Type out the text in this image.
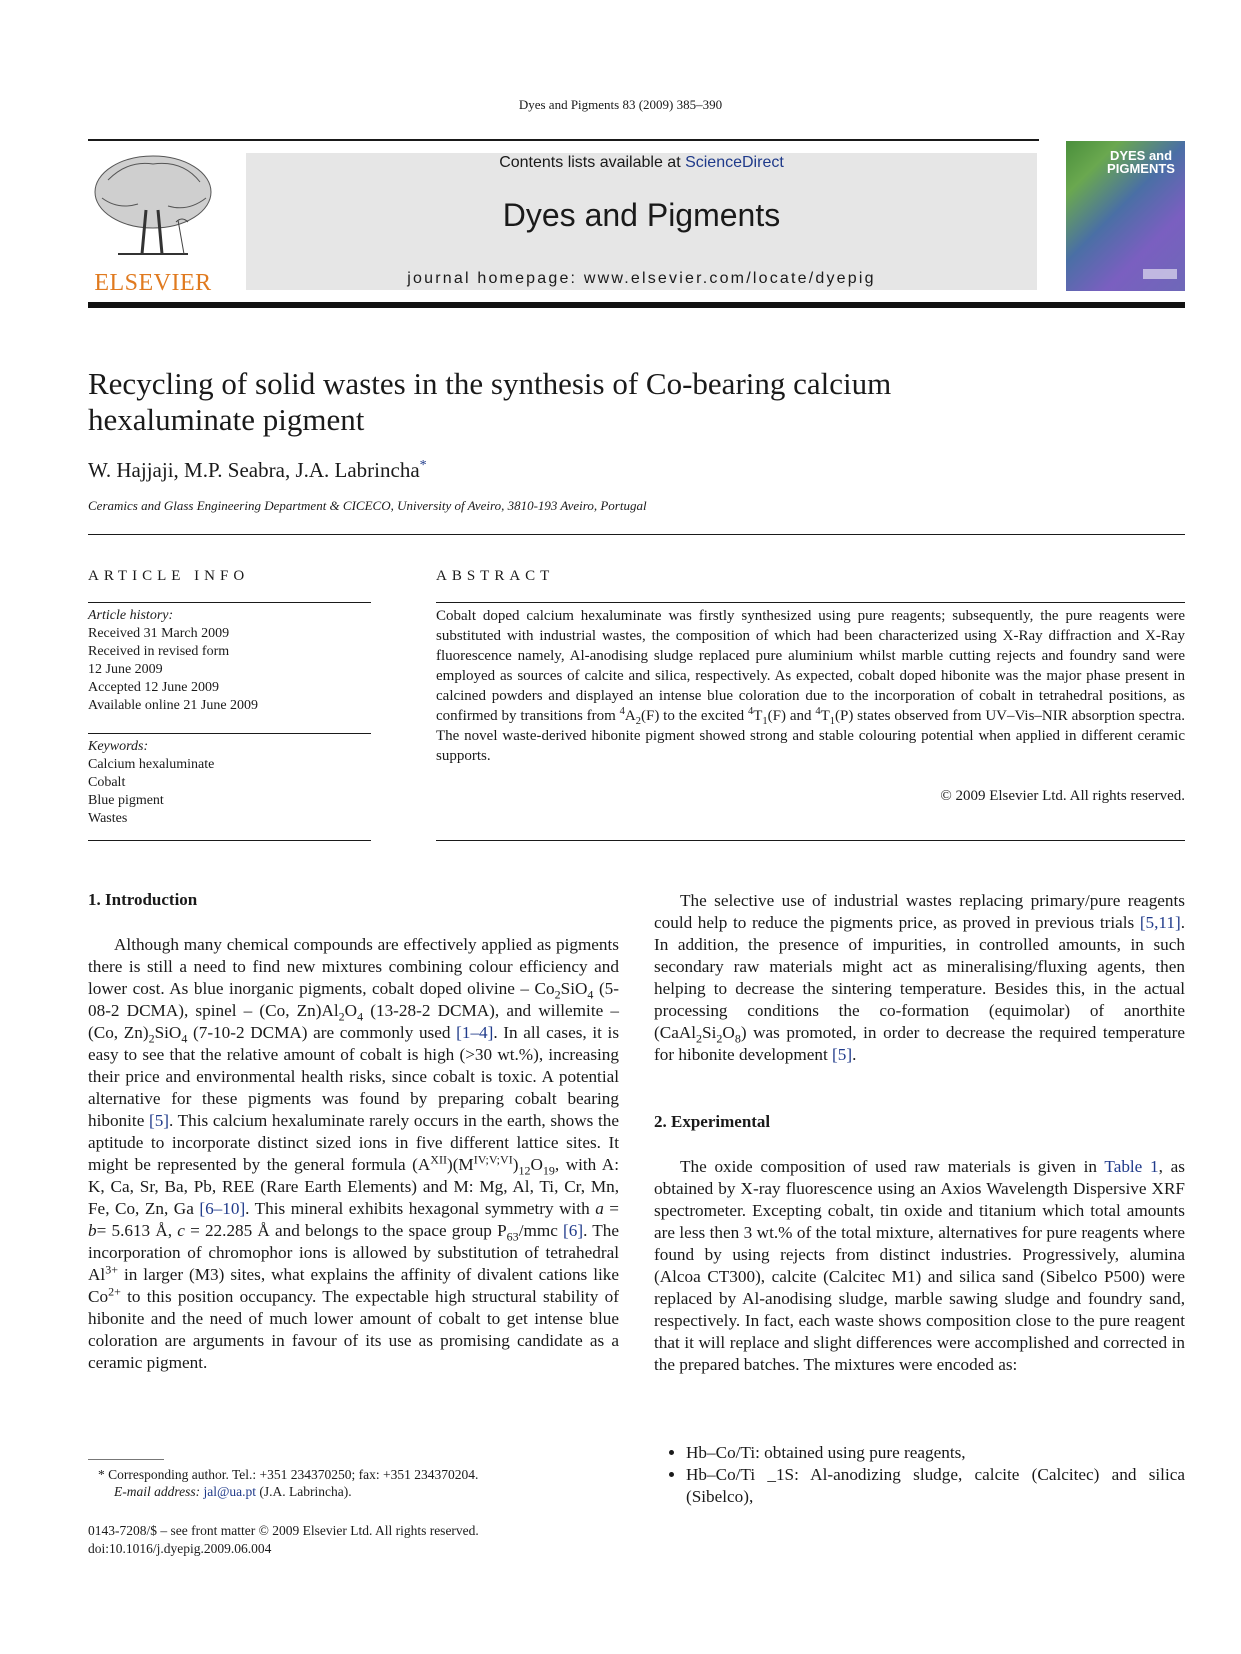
Dyes and Pigments 83 (2009) 385–390
ELSEVIER
Contents lists available at ScienceDirect
Dyes and Pigments
journal homepage: www.elsevier.com/locate/dyepig
DYES and PIGMENTS
Recycling of solid wastes in the synthesis of Co-bearing calcium hexaluminate pigment
W. Hajjaji, M.P. Seabra, J.A. Labrincha*
Ceramics and Glass Engineering Department & CICECO, University of Aveiro, 3810-193 Aveiro, Portugal
ARTICLE INFO
Article history:
Received 31 March 2009
Received in revised form
12 June 2009
Accepted 12 June 2009
Available online 21 June 2009
Keywords:
Calcium hexaluminate
Cobalt
Blue pigment
Wastes
ABSTRACT
Cobalt doped calcium hexaluminate was firstly synthesized using pure reagents; subsequently, the pure reagents were substituted with industrial wastes, the composition of which had been characterized using X-Ray diffraction and X-Ray fluorescence namely, Al-anodising sludge replaced pure aluminium whilst marble cutting rejects and foundry sand were employed as sources of calcite and silica, respectively. As expected, cobalt doped hibonite was the major phase present in calcined powders and displayed an intense blue coloration due to the incorporation of cobalt in tetrahedral positions, as confirmed by transitions from $^4A_2(F)$ to the excited $^4T_1(F)$ and $^4T_1(P)$ states observed from UV–Vis–NIR absorption spectra. The novel waste-derived hibonite pigment showed strong and stable colouring potential when applied in different ceramic supports.
© 2009 Elsevier Ltd. All rights reserved.
1. Introduction
Although many chemical compounds are effectively applied as pigments there is still a need to find new mixtures combining colour efficiency and lower cost. As blue inorganic pigments, cobalt doped olivine – $Co_2SiO_4$ (5-08-2 DCMA), spinel – (Co, $Zn)Al_2O_4$ (13-28-2 DCMA), and willemite – (Co, $Zn)_2SiO_4$ (7-10-2 DCMA) are commonly used [1–4]. In all cases, it is easy to see that the relative amount of cobalt is high (>30 wt.%), increasing their price and environmental health risks, since cobalt is toxic. A potential alternative for these pigments was found by preparing cobalt bearing hibonite [5]. This calcium hexaluminate rarely occurs in the earth, shows the aptitude to incorporate distinct sized ions in five different lattice sites. It might be represented by the general formula $(A^{XII})(M^{IV;V;VI})_{12}O_{19}$, with A: K, Ca, Sr, Ba, Pb, REE (Rare Earth Elements) and M: Mg, Al, Ti, Cr, Mn, Fe, Co, Zn, Ga [6–10]. This mineral exhibits hexagonal symmetry with a = b= 5.613 Å, c = 22.285 Å and belongs to the space group $P_{63}$/mmc [6]. The incorporation of chromophor ions is allowed by substitution of tetrahedral $Al^{3+}$ in larger (M3) sites, what explains the affinity of divalent cations like $Co^{2+}$ to this position occupancy. The expectable high structural stability of hibonite and the need of much lower amount of cobalt to get intense blue coloration are arguments in favour of its use as promising candidate as a ceramic pigment.
* Corresponding author. Tel.: +351 234370250; fax: +351 234370204.
E-mail address: jal@ua.pt (J.A. Labrincha).
0143-7208/$ – see front matter © 2009 Elsevier Ltd. All rights reserved.
doi:10.1016/j.dyepig.2009.06.004
The selective use of industrial wastes replacing primary/pure reagents could help to reduce the pigments price, as proved in previous trials [5,11]. In addition, the presence of impurities, in controlled amounts, in such secondary raw materials might act as mineralising/fluxing agents, then helping to decrease the sintering temperature. Besides this, in the actual processing conditions the co-formation (equimolar) of anorthite $(CaAl_2Si_2O_8)$ was promoted, in order to decrease the required temperature for hibonite development [5].
2. Experimental
The oxide composition of used raw materials is given in Table 1, as obtained by X-ray fluorescence using an Axios Wavelength Dispersive XRF spectrometer. Excepting cobalt, tin oxide and titanium which total amounts are less then 3 wt.% of the total mixture, alternatives for pure reagents where found by using rejects from distinct industries. Progressively, alumina (Alcoa CT300), calcite (Calcitec M1) and silica sand (Sibelco P500) were replaced by Al-anodising sludge, marble sawing sludge and foundry sand, respectively. In fact, each waste shows composition close to the pure reagent that it will replace and slight differences were accomplished and corrected in the prepared batches. The mixtures were encoded as:
• Hb–Co/Ti: obtained using pure reagents,
• Hb–Co/Ti _1S: Al-anodizing sludge, calcite (Calcitec) and silica (Sibelco),
